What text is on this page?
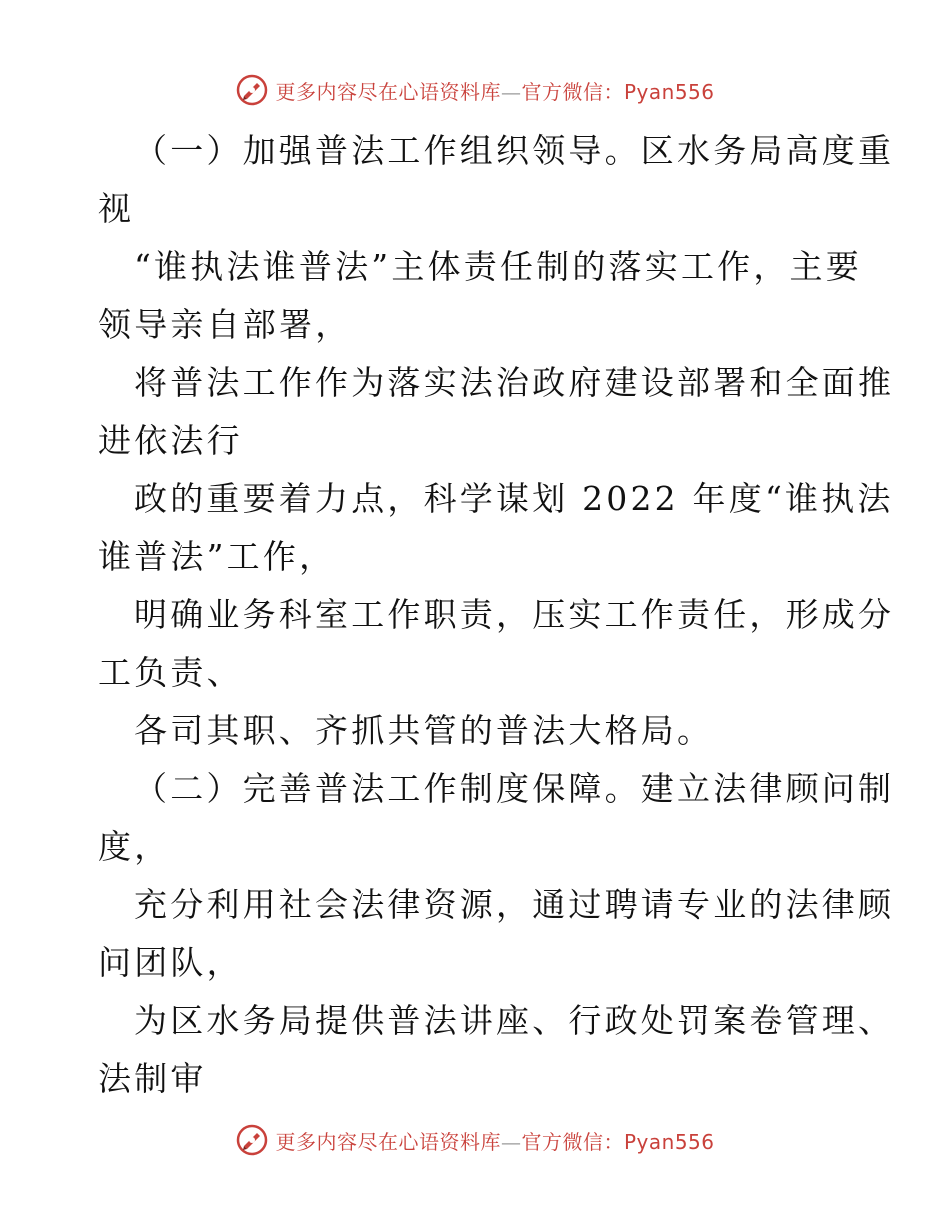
更多内容尽在心语资料库—官方微信：Pyan556
（一）加强普法工作组织领导。区水务局高度重
视
“谁执法谁普法”主体责任制的落实工作，主要
领导亲自部署，
将普法工作作为落实法治政府建设部署和全面推
进依法行
政的重要着力点，科学谋划 2022 年度“谁执法
谁普法”工作，
明确业务科室工作职责，压实工作责任，形成分
工负责、
各司其职、齐抓共管的普法大格局。
（二）完善普法工作制度保障。建立法律顾问制
度，
充分利用社会法律资源，通过聘请专业的法律顾
问团队，
为区水务局提供普法讲座、行政处罚案卷管理、
法制审
更多内容尽在心语资料库—官方微信：Pyan556
